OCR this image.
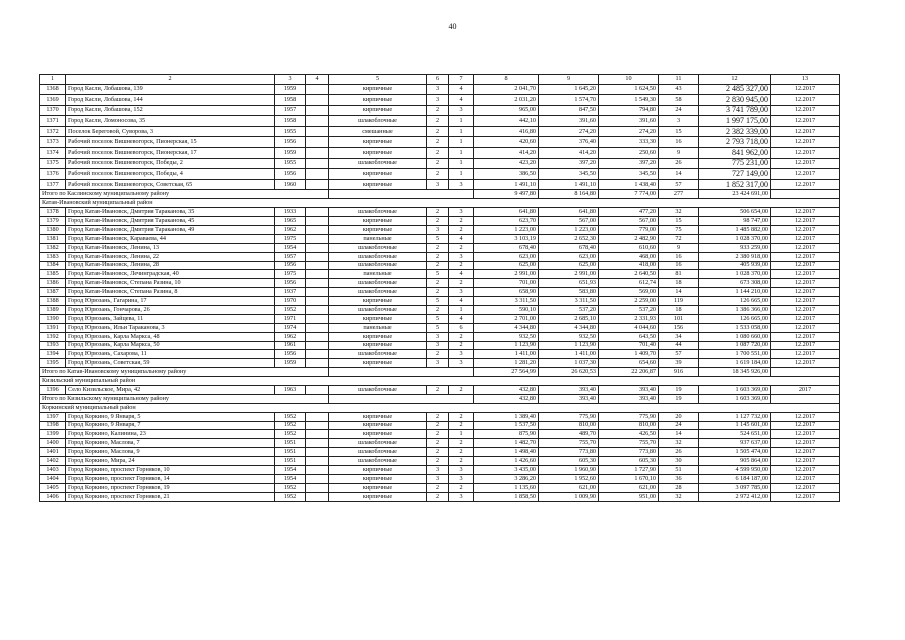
40
1	2	3	4	5	6	7	8	9	10	11	12	13
1368	Город Касли, Лобашова, 139	1959		кирпичные	3	4	2 041,70	1 645,20	1 624,50	43	2 485 327,00	12.2017
1369	Город Касли, Лобашова, 144	1958		кирпичные	3	4	2 031,20	1 574,70	1 549,30	58	2 830 945,00	12.2017
1370	Город Касли, Лобашова, 152	1957		кирпичные	2	3	965,00	847,50	794,80	24	3 741 789,00	12.2017
1371	Город Касли, Ломоносова, 35	1958		шлакоблочные	2	1	442,10	391,60	391,60	3	1 997 175,00	12.2017
1372	Поселок Береговой, Суворова, 3	1955		смешанные	2	1	416,80	274,20	274,20	15	2 382 339,00	12.2017
1373	Рабочий поселок Вишневогорск, Пионерская, 15	1956		кирпичные	2	1	420,60	376,40	333,30	16	2 793 718,00	12.2017
1374	Рабочий поселок Вишневогорск, Пионерская, 17	1959		кирпичные	2	1	414,20	414,20	250,60	9	841 962,00	12.2017
1375	Рабочий поселок Вишневогорск, Победы, 2	1955		шлакоблочные	2	1	423,20	397,20	397,20	26	775 231,00	12.2017
1376	Рабочий поселок Вишневогорск, Победы, 4	1956		кирпичные	2	1	386,50	345,50	345,50	14	727 149,00	12.2017
1377	Рабочий поселок Вишневогорск, Советская, 65	1960		кирпичные	3	3	1 491,10	1 491,10	1 438,40	57	1 852 317,00	12.2017
Итого по Каслинскому муниципальному району							9 497,80	8 164,80	7 774,00	277	23 424 691,00	
Катав-Ивановский муниципальный район												
1378	Город Катав-Ивановск, Дмитрия Тараканова, 35	1933		шлакоблочные	2	3	641,80	641,80	477,20	32	506 654,00	12.2017
1379	Город Катав-Ивановск, Дмитрия Тараканова, 45	1965		кирпичные	2	2	623,70	567,00	567,00	15	98 747,00	12.2017
1380	Город Катав-Ивановск, Дмитрия Тараканова, 49	1962		кирпичные	3	2	1 223,00	1 223,00	779,00	75	1 485 882,00	12.2017
1381	Город Катав-Ивановск, Караваева, 44	1975		панельные	5	4	3 103,19	2 652,30	2 482,90	72	1 028 370,00	12.2017
1382	Город Катав-Ивановск, Ленина, 13	1954		шлакоблочные	2	2	678,40	678,40	610,60	9	933 259,00	12.2017
1383	Город Катав-Ивановск, Ленина, 22	1957		шлакоблочные	2	3	623,00	623,00	468,00	16	2 380 918,00	12.2017
1384	Город Катав-Ивановск, Ленина, 28	1956		шлакоблочные	2	2	625,00	625,00	418,00	16	405 939,00	12.2017
1385	Город Катав-Ивановск, Лечинградская, 40	1975		панельные	5	4	2 991,00	2 991,00	2 640,50	81	1 028 370,00	12.2017
1386	Город Катав-Ивановск, Степана Разина, 10	1956		шлакоблочные	2	2	701,00	651,93	612,74	18	673 308,00	12.2017
1387	Город Катав-Ивановск, Степана Разина, 8	1937		шлакоблочные	2	3	658,90	583,80	569,00	14	1 144 210,00	12.2017
1388	Город Юрюзань, Гагарина, 17	1970		кирпичные	5	4	3 311,50	3 311,50	2 259,00	119	126 665,00	12.2017
1389	Город Юрюзань, Гончарова, 26	1952		шлакоблочные	2	1	590,10	537,20	537,20	18	1 386 366,00	12.2017
1390	Город Юрюзань, Зайцева, 11	1971		кирпичные	5	4	2 701,00	2 685,10	2 331,93	101	126 665,00	12.2017
1391	Город Юрюзань, Ильи Тараканова, 3	1974		панельные	5	6	4 344,80	4 344,80	4 044,60	156	1 533 058,00	12.2017
1392	Город Юрюзань, Карла Маркса, 48	1962		кирпичные	3	2	932,50	932,50	643,50	34	1 080 660,00	12.2017
1393	Город Юрюзань, Карла Маркса, 50	1961		кирпичные	3	2	1 123,90	1 123,90	701,40	44	1 087 720,00	12.2017
1394	Город Юрюзань, Сахарова, 11	1956		шлакоблочные	2	3	1 411,00	1 411,00	1 409,70	57	1 700 551,00	12.2017
1395	Город Юрюзань, Советская, 59	1959		кирпичные	3	3	1 281,20	1 037,30	654,60	39	1 619 184,00	12.2017
Итого по Катав-Ивановскому муниципальному району							27 564,99	26 620,53	22 206,87	916	18 345 926,00	
Кизильский муниципальный район												
1396	Село Кизильское, Мира, 42	1963		шлакоблочные	2	2	432,80	393,40	393,40	19	1 603 369,00	2017
Итого по Кизильскому муниципальному району							432,80	393,40	393,40	19	1 603 369,00	
Коркинский муниципальный район												
1397	Город Коркино, 9 Января, 5	1952		кирпичные	2	2	1 389,40	775,90	775,90	20	1 127 732,00	12.2017
1398	Город Коркино, 9 Января, 7	1952		кирпичные	2	2	1 537,50	810,00	810,00	24	1 145 601,00	12.2017
1399	Город Коркино, Калинина, 23	1952		кирпичные	2	1	875,90	489,70	426,50	14	524 651,00	12.2017
1400	Город Коркино, Маслова, 7	1951		шлакоблочные	2	2	1 482,70	755,70	755,70	32	937 637,00	12.2017
1401	Город Коркино, Маслова, 9	1951		шлакоблочные	2	2	1 498,40	773,80	773,80	26	1 505 474,00	12.2017
1402	Город Коркино, Мира, 24	1951		шлакоблочные	2	2	1 426,60	605,30	605,30	30	905 864,00	12.2017
1403	Город Коркино, проспект Горняков, 10	1954		кирпичные	3	3	3 435,00	1 960,90	1 727,90	51	4 599 950,00	12.2017
1404	Город Коркино, проспект Горняков, 14	1954		кирпичные	3	3	3 286,20	1 952,60	1 670,10	36	6 184 187,00	12.2017
1405	Город Коркино, проспект Горняков, 19	1952		кирпичные	2	2	1 135,60	621,00	621,00	28	3 097 785,00	12.2017
1406	Город Коркино, проспект Горняков, 21	1952		кирпичные	2	3	1 858,50	1 009,90	951,00	32	2 972 412,00	12.2017
